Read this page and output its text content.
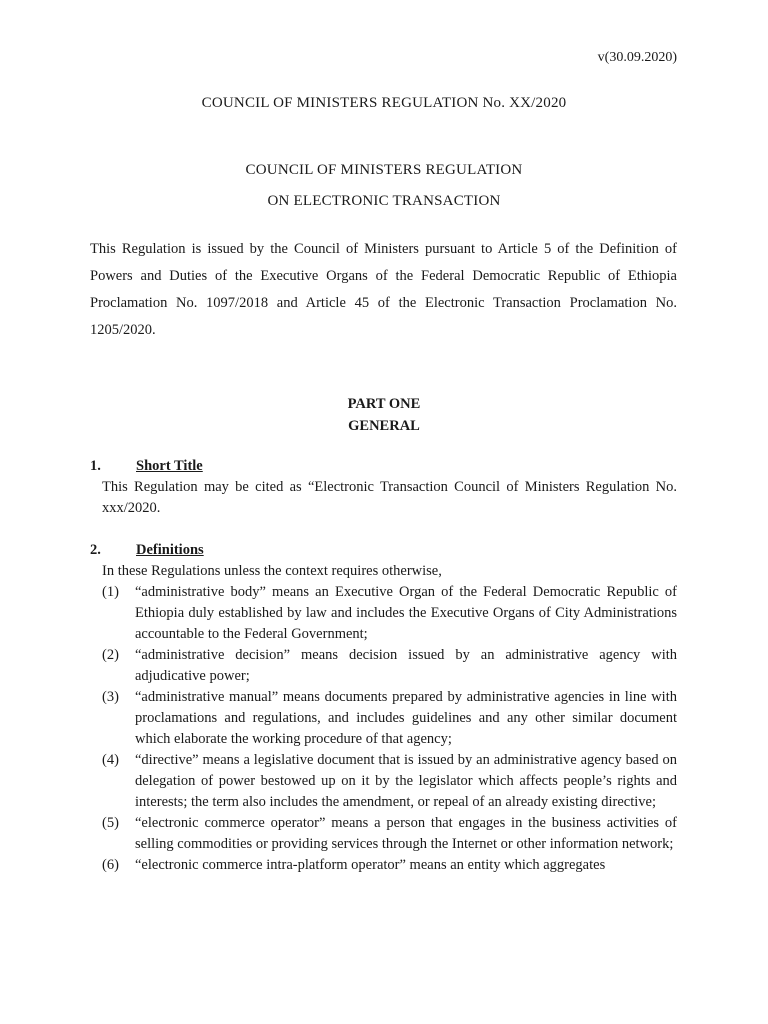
v(30.09.2020)
COUNCIL OF MINISTERS REGULATION No. XX/2020
COUNCIL OF MINISTERS REGULATION
ON ELECTRONIC TRANSACTION
This Regulation is issued by the Council of Ministers pursuant to Article 5 of the Definition of Powers and Duties of the Executive Organs of the Federal Democratic Republic of Ethiopia Proclamation No. 1097/2018 and Article 45 of the Electronic Transaction Proclamation No. 1205/2020.
PART ONE
GENERAL
1. Short Title
This Regulation may be cited as “Electronic Transaction Council of Ministers Regulation No. xxx/2020.
2. Definitions
In these Regulations unless the context requires otherwise,
(1) “administrative body” means an Executive Organ of the Federal Democratic Republic of Ethiopia duly established by law and includes the Executive Organs of City Administrations accountable to the Federal Government;
(2) “administrative decision” means decision issued by an administrative agency with adjudicative power;
(3) “administrative manual” means documents prepared by administrative agencies in line with proclamations and regulations, and includes guidelines and any other similar document which elaborate the working procedure of that agency;
(4) “directive” means a legislative document that is issued by an administrative agency based on delegation of power bestowed up on it by the legislator which affects people’s rights and interests; the term also includes the amendment, or repeal of an already existing directive;
(5) “electronic commerce operator” means a person that engages in the business activities of selling commodities or providing services through the Internet or other information network;
(6) “electronic commerce intra-platform operator” means an entity which aggregates
